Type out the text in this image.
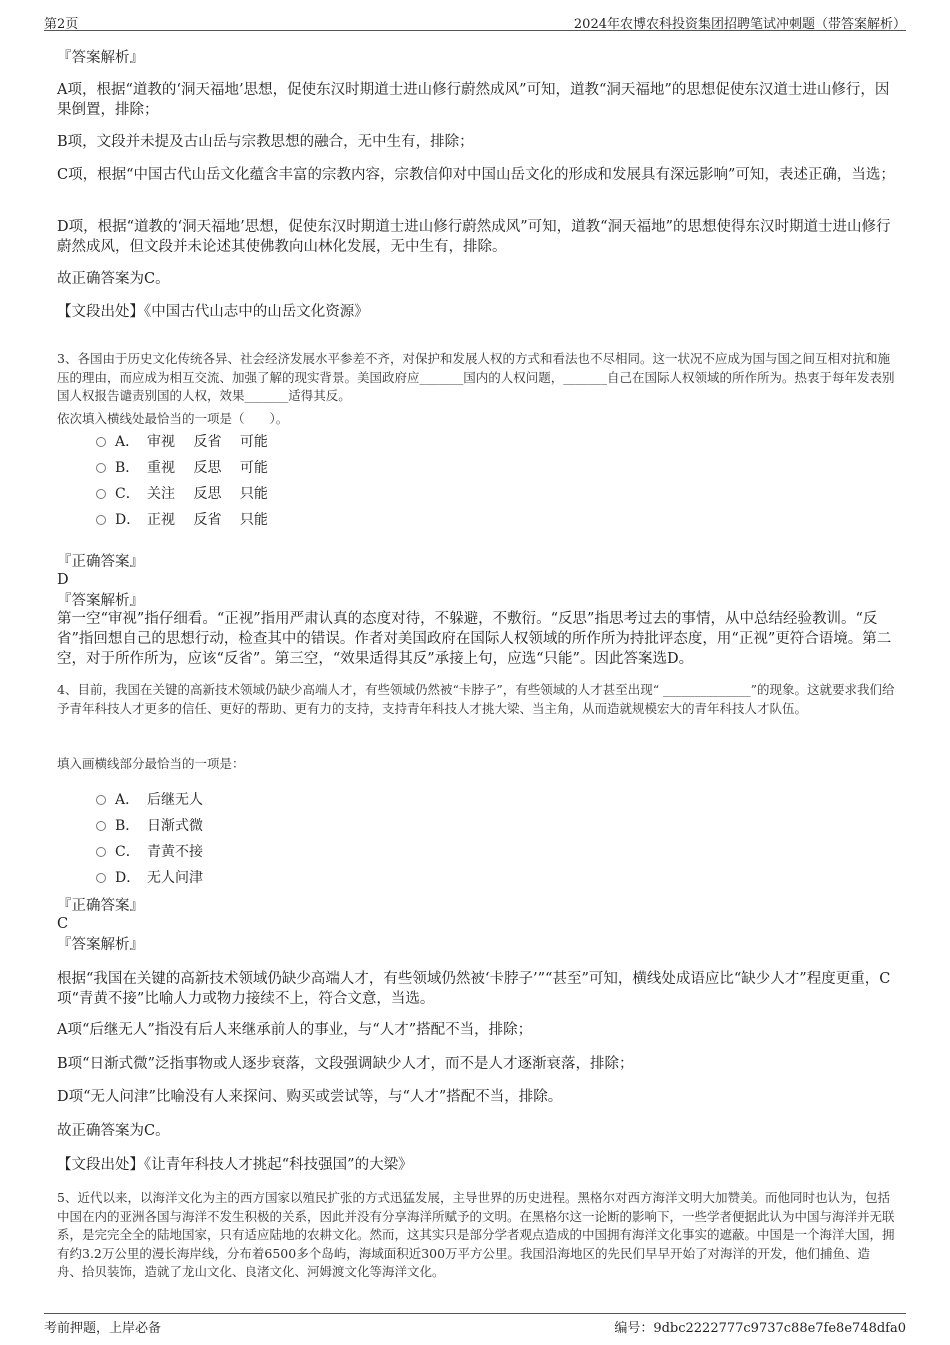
第2页	2024年农博农科投资集团招聘笔试冲刺题（带答案解析）
『答案解析』
A项，根据“道教的‘洞天福地’思想，促使东汉时期道士进山修行蔚然成风”可知，道教“洞天福地”的思想促使东汉道士进山修行，因果倒置，排除；
B项，文段并未提及古山岳与宗教思想的融合，无中生有，排除；
C项，根据“中国古代山岳文化蕴含丰富的宗教内容，宗教信仰对中国山岳文化的形成和发展具有深远影响”可知，表述正确，当选；
D项，根据“道教的‘洞天福地’思想，促使东汉时期道士进山修行蔚然成风”可知，道教“洞天福地”的思想使得东汉时期道士进山修行蔚然成风，但文段并未论述其使佛教向山林化发展，无中生有，排除。
故正确答案为C。
【文段出处】《中国古代山志中的山岳文化资源》
3、各国由于历史文化传统各异、社会经济发展水平参差不齐，对保护和发展人权的方式和看法也不尽相同。这一状况不应成为国与国之间互相对抗和施压的理由，而应成为相互交流、加强了解的现实背景。美国政府应_______国内的人权问题，_______自己在国际人权领域的所作所为。热衷于每年发表别国人权报告谴责别国的人权，效果_______适得其反。
依次填入横线处最恰当的一项是（　　）。
A． 审视　 反省　 可能
B． 重视　 反思　 可能
C． 关注　 反思　 只能
D． 正视　 反省　 只能
『正确答案』
D
『答案解析』
第一空“审视”指仔细看。“正视”指用严肃认真的态度对待，不躲避，不敷衍。“反思”指思考过去的事情，从中总结经验教训。“反省”指回想自己的思想行动，检查其中的错误。作者对美国政府在国际人权领域的所作所为持批评态度，用“正视”更符合语境。第二空，对于所作所为，应该“反省”。第三空，“效果适得其反”承接上句，应选“只能”。因此答案选D。
4、目前，我国在关键的高新技术领域仍缺少高端人才，有些领域仍然被“卡脖子”，有些领域的人才甚至出现“ ______________”的现象。这就要求我们给予青年科技人才更多的信任、更好的帮助、更有力的支持，支持青年科技人才挑大梁、当主角，从而造就规模宏大的青年科技人才队伍。
填入画横线部分最恰当的一项是：
A． 后继无人
B． 日渐式微
C． 青黄不接
D． 无人问津
『正确答案』
C
『答案解析』
根据“我国在关键的高新技术领域仍缺少高端人才，有些领域仍然被‘卡脖子’”“甚至”可知，横线处成语应比“缺少人才”程度更重，C项“青黄不接”比喻人力或物力接续不上，符合文意，当选。
A项“后继无人”指没有后人来继承前人的事业，与“人才”搭配不当，排除；
B项“日渐式微”泛指事物或人逐步衰落，文段强调缺少人才，而不是人才逐渐衰落，排除；
D项“无人问津”比喻没有人来探问、购买或尝试等，与“人才”搭配不当，排除。
故正确答案为C。
【文段出处】《让青年科技人才挑起“科技强国”的大梁》
5、近代以来，以海洋文化为主的西方国家以殖民扩张的方式迅猛发展，主导世界的历史进程。黑格尔对西方海洋文明大加赞美。而他同时也认为，包括中国在内的亚洲各国与海洋不发生积极的关系，因此并没有分享海洋所赋予的文明。在黑格尔这一论断的影响下，一些学者便据此认为中国与海洋并无联系，是完完全全的陆地国家，只有适应陆地的农耕文化。然而，这其实只是部分学者观点造成的中国拥有海洋文化事实的遮蔽。中国是一个海洋大国，拥有约3.2万公里的漫长海岸线，分布着6500多个岛屿，海域面积近300万平方公里。我国沿海地区的先民们早早开始了对海洋的开发，他们捕鱼、造舟、拾贝装饰，造就了龙山文化、良渚文化、河姆渡文化等海洋文化。
考前押题，上岸必备	编号：9dbc2222777c9737c88e7fe8e748dfa0
